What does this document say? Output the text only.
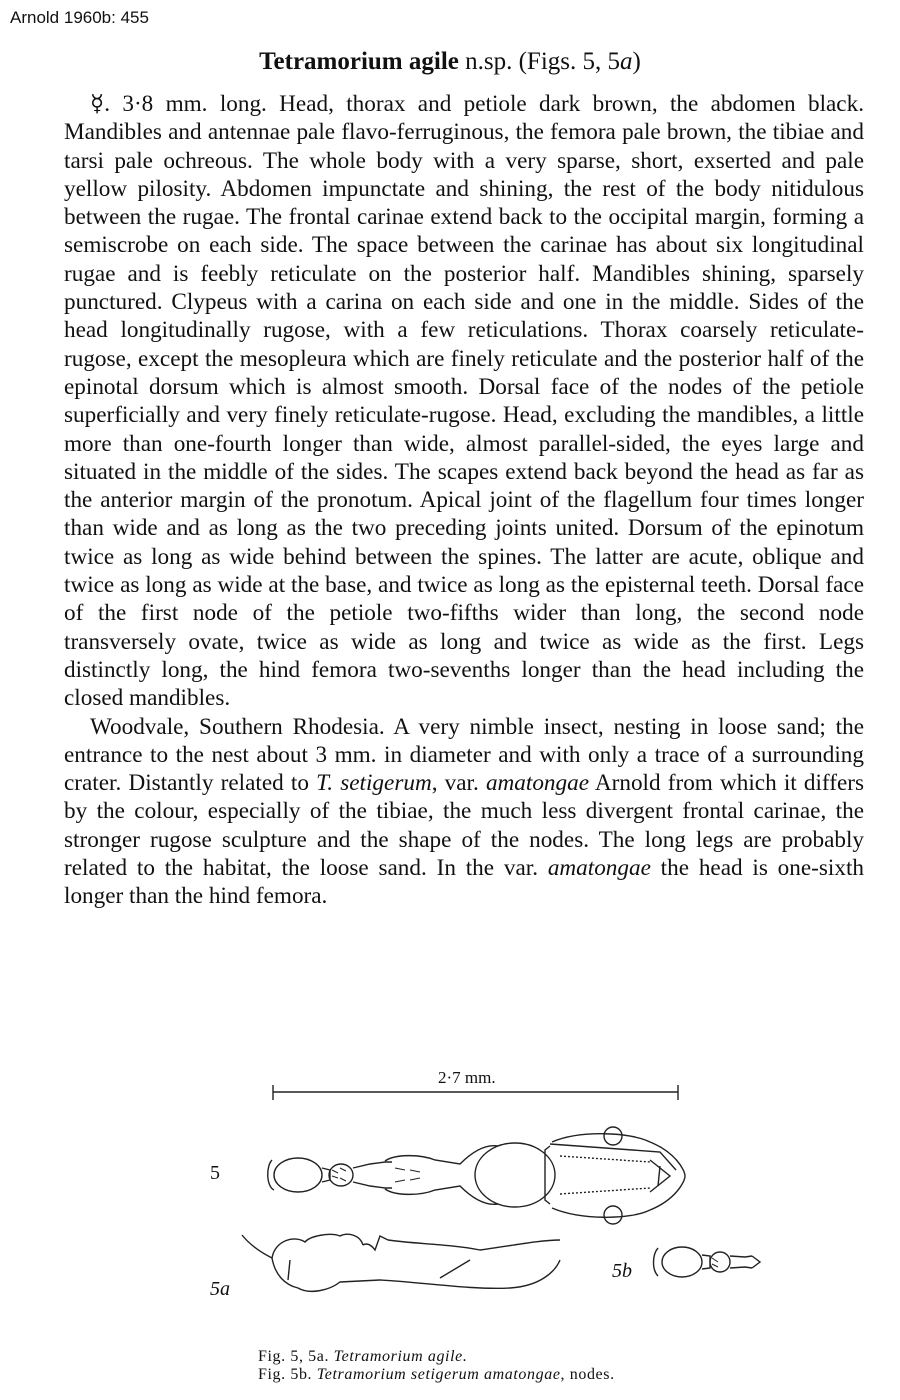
Arnold 1960b: 455
Tetramorium agile n.sp. (Figs. 5, 5a)

☿. 3·8 mm. long. Head, thorax and petiole dark brown, the abdomen black. Mandibles and antennae pale flavo-ferruginous, the femora pale brown, the tibiae and tarsi pale ochreous. The whole body with a very sparse, short, exserted and pale yellow pilosity. Abdomen impunctate and shining, the rest of the body nitidulous between the rugae. The frontal carinae extend back to the occipital margin, forming a semiscrobe on each side. The space between the carinae has about six longitudinal rugae and is feebly reticulate on the posterior half. Mandibles shining, sparsely punctured. Clypeus with a carina on each side and one in the middle. Sides of the head longitudinally rugose, with a few reticulations. Thorax coarsely reticulate-rugose, except the mesopleura which are finely reticulate and the posterior half of the epinotal dorsum which is almost smooth. Dorsal face of the nodes of the petiole superficially and very finely reticulate-rugose. Head, excluding the mandibles, a little more than one-fourth longer than wide, almost parallel-sided, the eyes large and situated in the middle of the sides. The scapes extend back beyond the head as far as the anterior margin of the pronotum. Apical joint of the flagellum four times longer than wide and as long as the two preceding joints united. Dorsum of the epinotum twice as long as wide behind between the spines. The latter are acute, oblique and twice as long as wide at the base, and twice as long as the episternal teeth. Dorsal face of the first node of the petiole two-fifths wider than long, the second node transversely ovate, twice as wide as long and twice as wide as the first. Legs distinctly long, the hind femora two-sevenths longer than the head including the closed mandibles.

Woodvale, Southern Rhodesia. A very nimble insect, nesting in loose sand; the entrance to the nest about 3 mm. in diameter and with only a trace of a surrounding crater. Distantly related to T. setigerum, var. amatongae Arnold from which it differs by the colour, especially of the tibiae, the much less divergent frontal carinae, the stronger rugose sculpture and the shape of the nodes. The long legs are probably related to the habitat, the loose sand. In the var. amatongae the head is one-sixth longer than the hind femora.

2·7 mm.
5
5a
5b
Fig. 5, 5a. Tetramorium agile.
Fig. 5b. Tetramorium setigerum amatongae, nodes.
